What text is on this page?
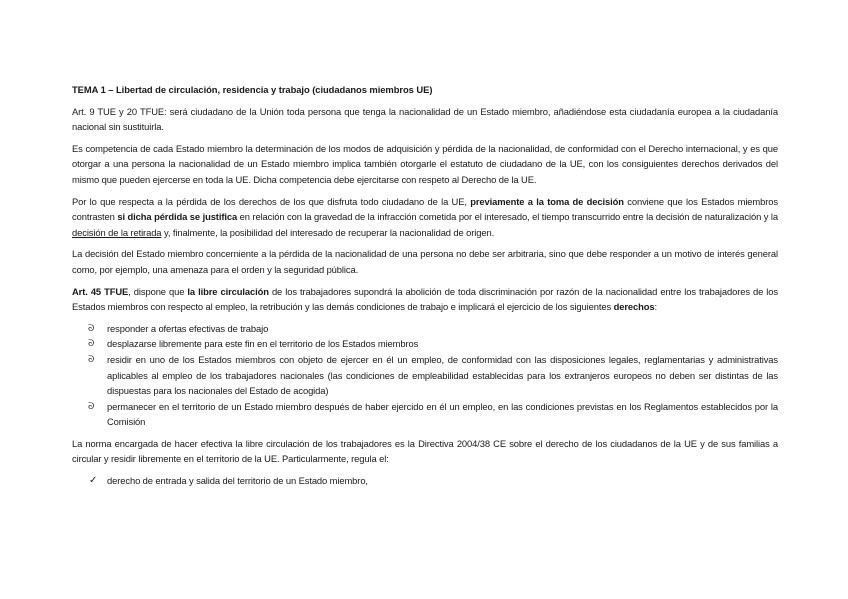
TEMA 1 – Libertad de circulación, residencia y trabajo (ciudadanos miembros UE)

Art. 9 TUE y 20 TFUE: será ciudadano de la Unión toda persona que tenga la nacionalidad de un Estado miembro, añadiéndose esta ciudadanía europea a la ciudadanía nacional sin sustituirla.

Es competencia de cada Estado miembro la determinación de los modos de adquisición y pérdida de la nacionalidad, de conformidad con el Derecho internacional, y es que otorgar a una persona la nacionalidad de un Estado miembro implica también otorgarle el estatuto de ciudadano de la UE, con los consiguientes derechos derivados del mismo que pueden ejercerse en toda la UE. Dicha competencia debe ejercitarse con respeto al Derecho de la UE.

Por lo que respecta a la pérdida de los derechos de los que disfruta todo ciudadano de la UE, previamente a la toma de decisión conviene que los Estados miembros contrasten si dicha pérdida se justifica en relación con la gravedad de la infracción cometida por el interesado, el tiempo transcurrido entre la decisión de naturalización y la decisión de la retirada y, finalmente, la posibilidad del interesado de recuperar la nacionalidad de origen.

La decisión del Estado miembro concerniente a la pérdida de la nacionalidad de una persona no debe ser arbitraria, sino que debe responder a un motivo de interés general como, por ejemplo, una amenaza para el orden y la seguridad pública.

Art. 45 TFUE, dispone que la libre circulación de los trabajadores supondrá la abolición de toda discriminación por razón de la nacionalidad entre los trabajadores de los Estados miembros con respecto al empleo, la retribución y las demás condiciones de trabajo e implicará el ejercicio de los siguientes derechos:

ᘐ responder a ofertas efectivas de trabajo
ᘐ desplazarse libremente para este fin en el territorio de los Estados miembros
ᘐ residir en uno de los Estados miembros con objeto de ejercer en él un empleo, de conformidad con las disposiciones legales, reglamentarias y administrativas aplicables al empleo de los trabajadores nacionales (las condiciones de empleabilidad establecidas para los extranjeros europeos no deben ser distintas de las dispuestas para los nacionales del Estado de acogida)
ᘐ permanecer en el territorio de un Estado miembro después de haber ejercido en él un empleo, en las condiciones previstas en los Reglamentos establecidos por la Comisión

La norma encargada de hacer efectiva la libre circulación de los trabajadores es la Directiva 2004/38 CE sobre el derecho de los ciudadanos de la UE y de sus familias a circular y residir libremente en el territorio de la UE. Particularmente, regula el:

✓ derecho de entrada y salida del territorio de un Estado miembro,
